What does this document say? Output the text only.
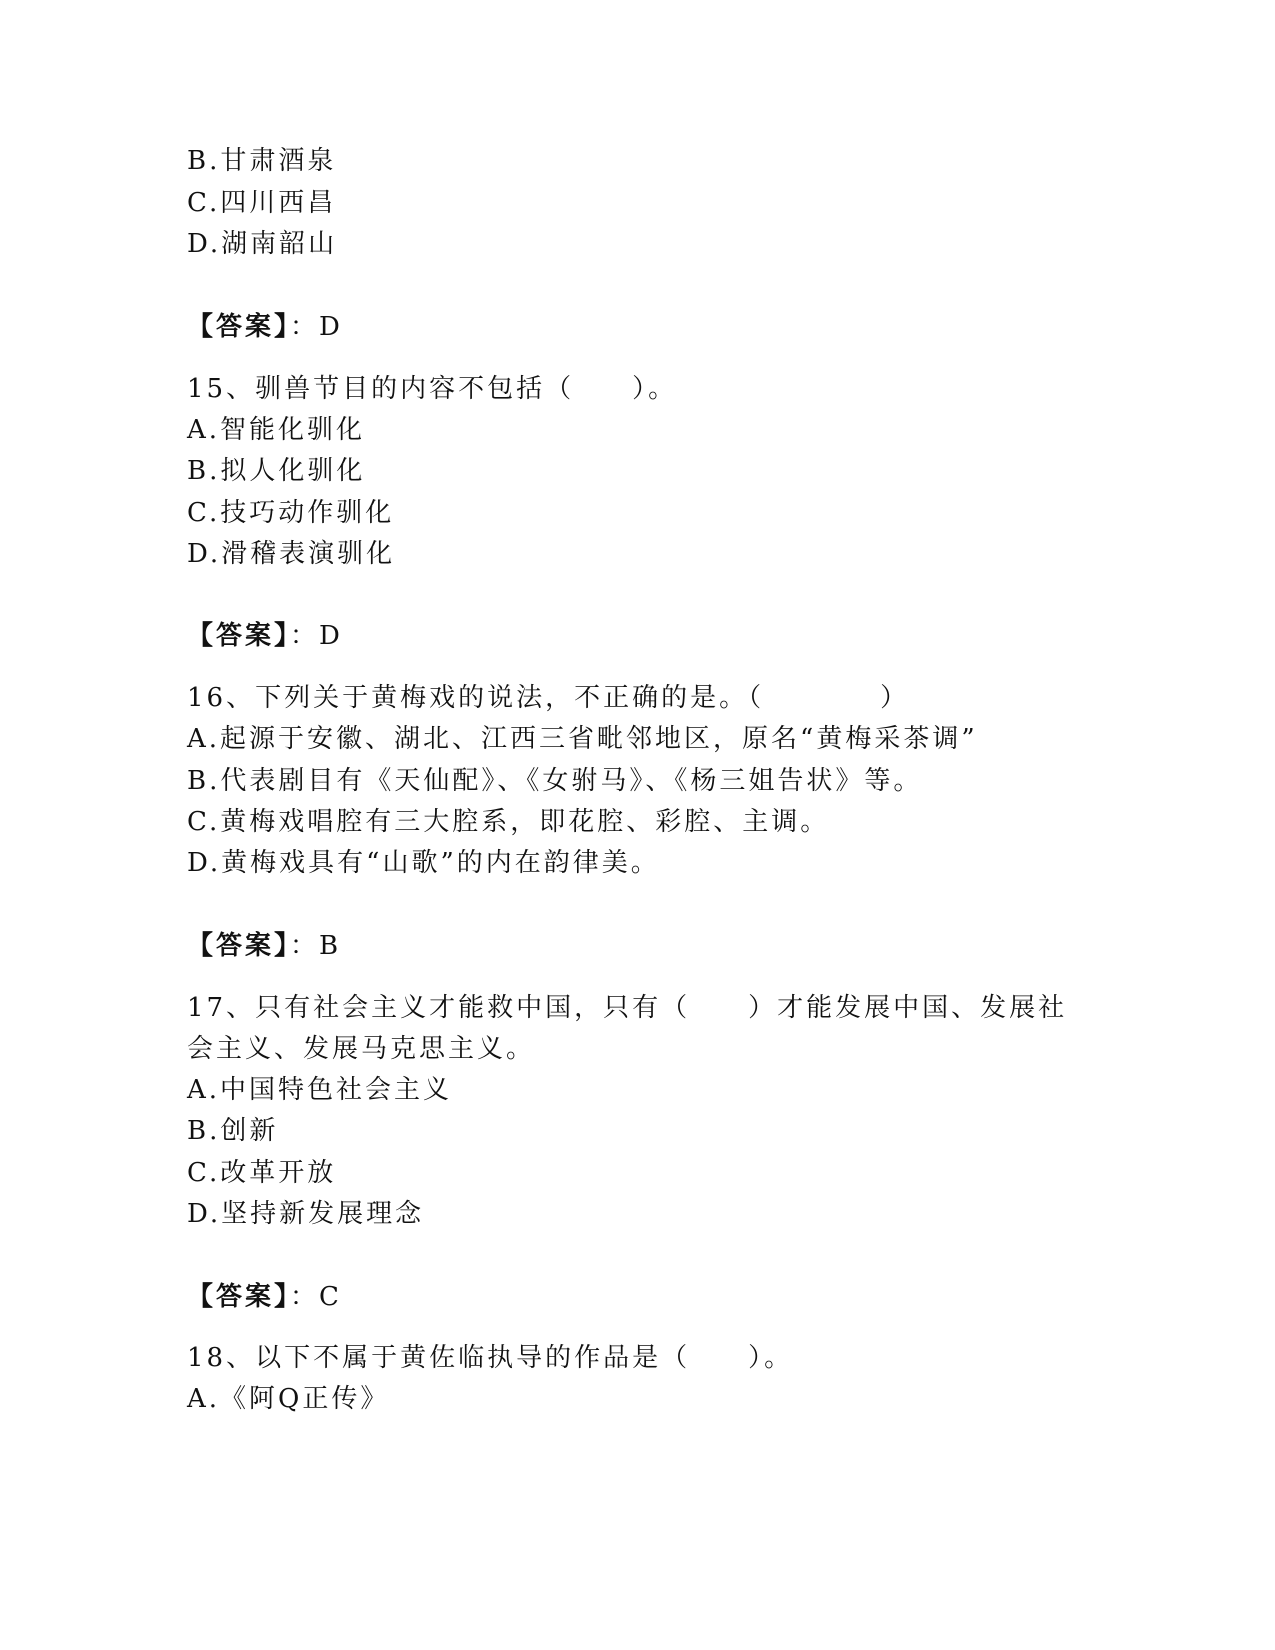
B.甘肃酒泉
C.四川西昌
D.湖南韶山
【答案】：D
15、驯兽节目的内容不包括（　　）。
A.智能化驯化
B.拟人化驯化
C.技巧动作驯化
D.滑稽表演驯化
【答案】：D
16、下列关于黄梅戏的说法，不正确的是。（　　　　）
A.起源于安徽、湖北、江西三省毗邻地区，原名“黄梅采茶调”
B.代表剧目有《天仙配》、《女驸马》、《杨三姐告状》等。
C.黄梅戏唱腔有三大腔系，即花腔、彩腔、主调。
D.黄梅戏具有“山歌”的内在韵律美。
【答案】：B
17、只有社会主义才能救中国，只有（　　）才能发展中国、发展社
会主义、发展马克思主义。
A.中国特色社会主义
B.创新
C.改革开放
D.坚持新发展理念
【答案】：C
18、以下不属于黄佐临执导的作品是（　　）。
A.《阿Q正传》
